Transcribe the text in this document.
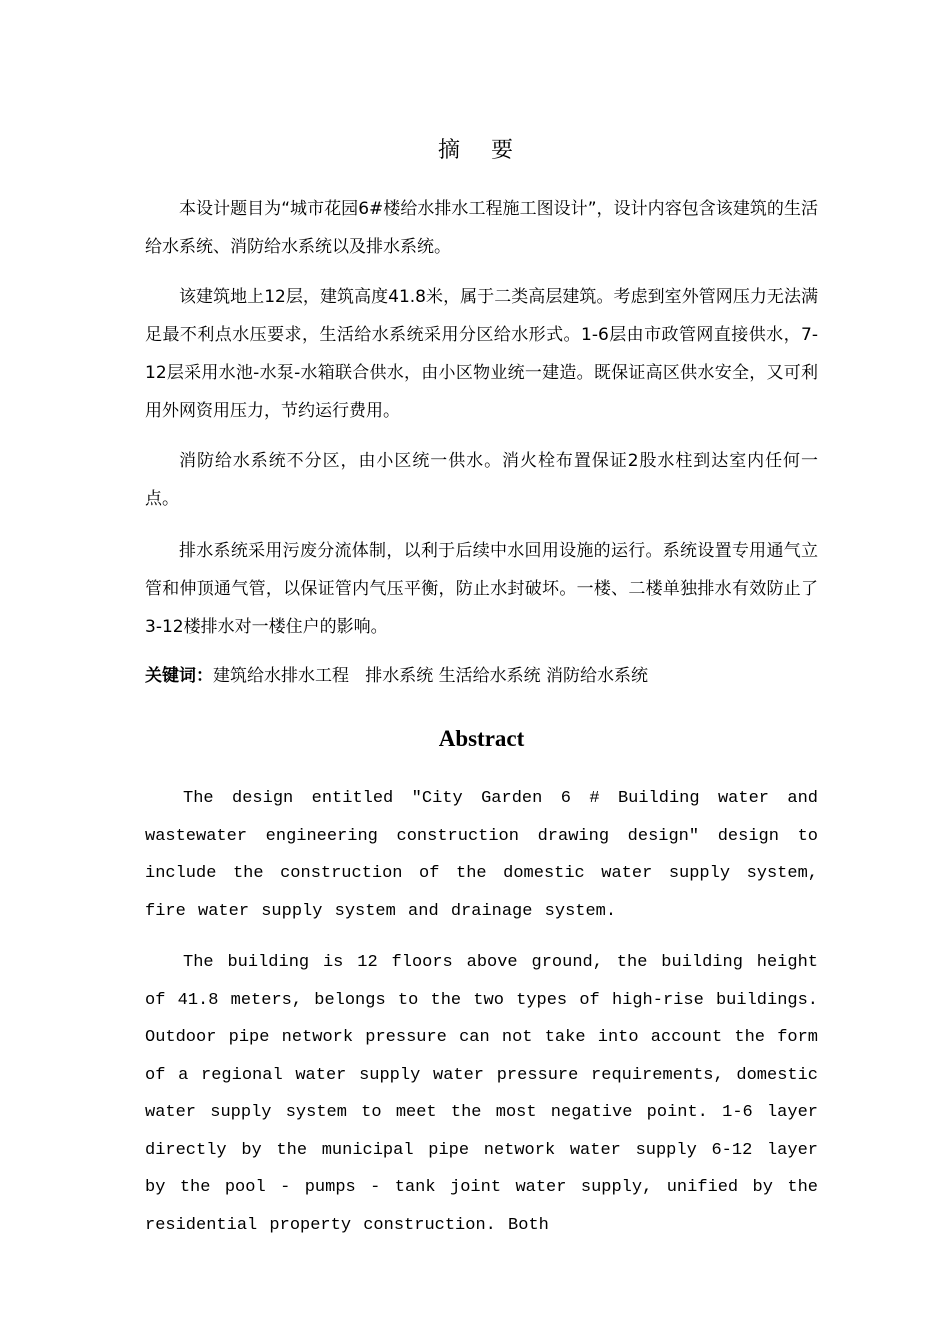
摘 要

本设计题目为“城市花园6#楼给水排水工程施工图设计”，设计内容包含该建筑的生活给水系统、消防给水系统以及排水系统。

该建筑地上12层，建筑高度41.8米，属于二类高层建筑。考虑到室外管网压力无法满足最不利点水压要求，生活给水系统采用分区给水形式。1-6层由市政管网直接供水，7-12层采用水池-水泵-水箱联合供水，由小区物业统一建造。既保证高区供水安全，又可利用外网资用压力，节约运行费用。

消防给水系统不分区，由小区统一供水。消火栓布置保证2股水柱到达室内任何一点。

排水系统采用污废分流体制，以利于后续中水回用设施的运行。系统设置专用通气立管和伸顶通气管，以保证管内气压平衡，防止水封破坏。一楼、二楼单独排水有效防止了3-12楼排水对一楼住户的影响。

关键词：建筑给水排水工程   排水系统 生活给水系统 消防给水系统
Abstract

The design entitled "City Garden 6 # Building water and wastewater engineering construction drawing design" design to include the construction of the domestic water supply system, fire water supply system and drainage system.

The building is 12 floors above ground, the building height of 41.8 meters, belongs to the two types of high-rise buildings. Outdoor pipe network pressure can not take into account the form of a regional water supply water pressure requirements, domestic water supply system to meet the most negative point. 1-6 layer directly by the municipal pipe network water supply 6-12 layer by the pool - pumps - tank joint water supply, unified by the residential property construction. Both
